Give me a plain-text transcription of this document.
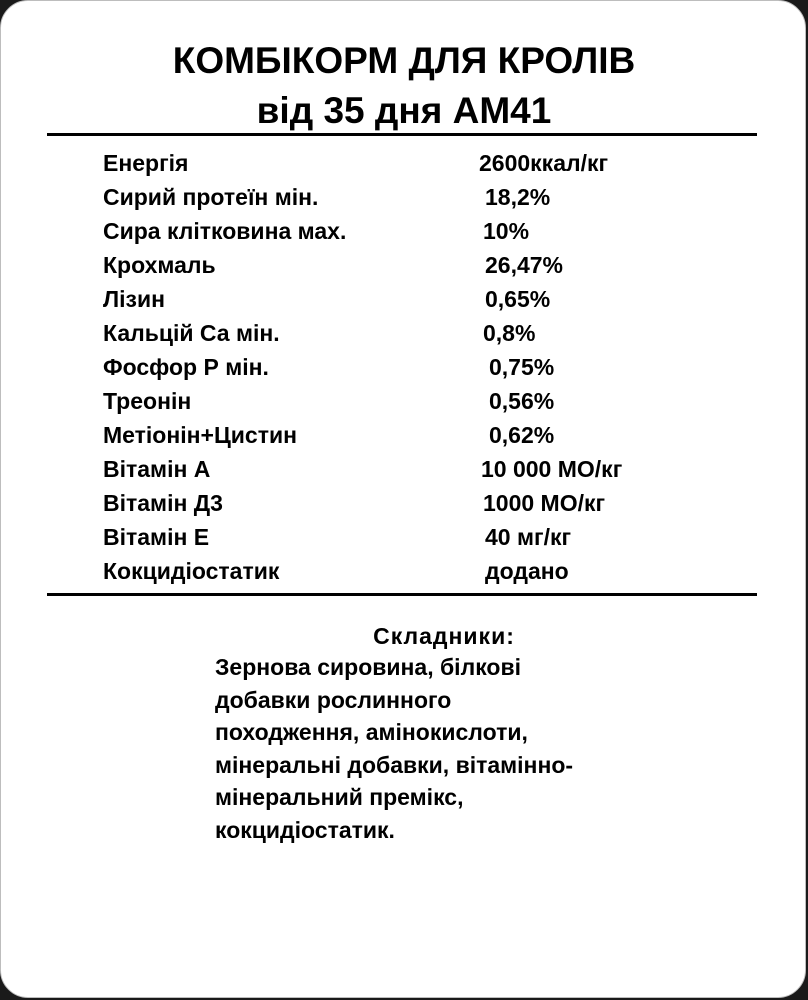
КОМБІКОРМ ДЛЯ КРОЛІВ
від 35 дня АМ41
Енергія	2600ккал/кг
Сирий протеїн мін.	18,2%
Сира клітковина мах.	10%
Крохмаль	26,47%
Лізин	0,65%
Кальцій Са мін.	0,8%
Фосфор Р мін.	0,75%
Треонін	0,56%
Метіонін+Цистин	0,62%
Вітамін А	10 000 МО/кг
Вітамін Д3	1000 МО/кг
Вітамін Е	40 мг/кг
Кокцидіостатик	додано
Складники:
Зернова сировина, білкові
добавки рослинного
походження, амінокислоти,
мінеральні добавки, вітамінно-
мінеральний премікс,
кокцидіостатик.
